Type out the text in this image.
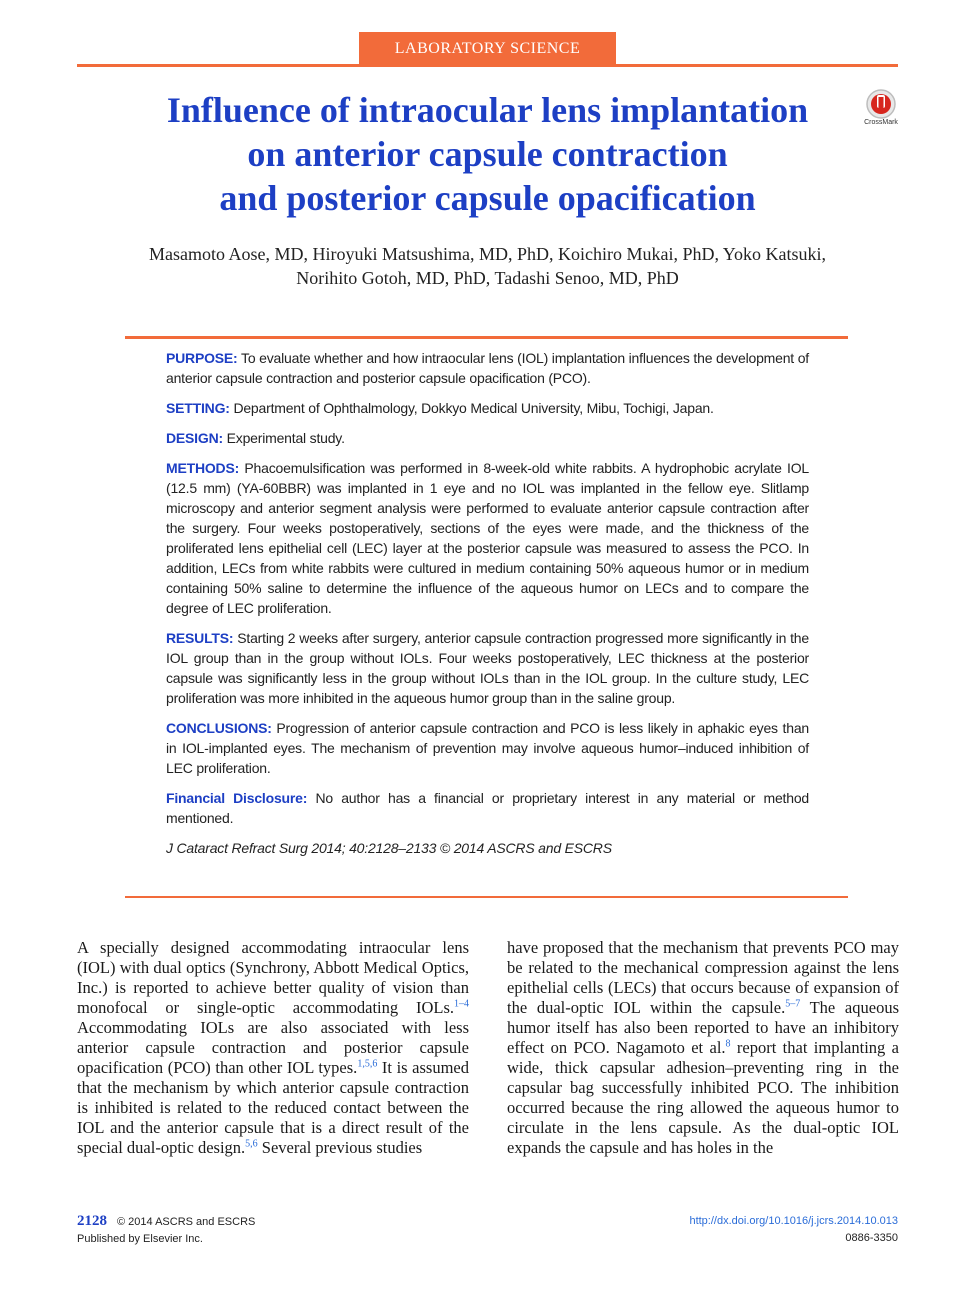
LABORATORY SCIENCE
Influence of intraocular lens implantation
on anterior capsule contraction
and posterior capsule opacification
CrossMark
Masamoto Aose, MD, Hiroyuki Matsushima, MD, PhD, Koichiro Mukai, PhD, Yoko Katsuki,
Norihito Gotoh, MD, PhD, Tadashi Senoo, MD, PhD

PURPOSE: To evaluate whether and how intraocular lens (IOL) implantation influences the development of anterior capsule contraction and posterior capsule opacification (PCO).

SETTING: Department of Ophthalmology, Dokkyo Medical University, Mibu, Tochigi, Japan.

DESIGN: Experimental study.

METHODS: Phacoemulsification was performed in 8-week-old white rabbits. A hydrophobic acrylate IOL (12.5 mm) (YA-60BBR) was implanted in 1 eye and no IOL was implanted in the fellow eye. Slitlamp microscopy and anterior segment analysis were performed to evaluate anterior capsule contraction after the surgery. Four weeks postoperatively, sections of the eyes were made, and the thickness of the proliferated lens epithelial cell (LEC) layer at the posterior capsule was measured to assess the PCO. In addition, LECs from white rabbits were cultured in medium containing 50% aqueous humor or in medium containing 50% saline to determine the influence of the aqueous humor on LECs and to compare the degree of LEC proliferation.

RESULTS: Starting 2 weeks after surgery, anterior capsule contraction progressed more significantly in the IOL group than in the group without IOLs. Four weeks postoperatively, LEC thickness at the posterior capsule was significantly less in the group without IOLs than in the IOL group. In the culture study, LEC proliferation was more inhibited in the aqueous humor group than in the saline group.

CONCLUSIONS: Progression of anterior capsule contraction and PCO is less likely in aphakic eyes than in IOL-implanted eyes. The mechanism of prevention may involve aqueous humor–induced inhibition of LEC proliferation.

Financial Disclosure: No author has a financial or proprietary interest in any material or method mentioned.

J Cataract Refract Surg 2014; 40:2128–2133 © 2014 ASCRS and ESCRS

A specially designed accommodating intraocular lens (IOL) with dual optics (Synchrony, Abbott Medical Optics, Inc.) is reported to achieve better quality of vision than monofocal or single-optic accommodating IOLs.$^{1-4}$ Accommodating IOLs are also associated with less anterior capsule contraction and posterior capsule opacification (PCO) than other IOL types.$^{1,5,6}$ It is assumed that the mechanism by which anterior capsule contraction is inhibited is related to the reduced contact between the IOL and the anterior capsule that is a direct result of the special dual-optic design.$^{5,6}$ Several previous studies

have proposed that the mechanism that prevents PCO may be related to the mechanical compression against the lens epithelial cells (LECs) that occurs because of expansion of the dual-optic IOL within the capsule.$^{5-7}$ The aqueous humor itself has also been reported to have an inhibitory effect on PCO. Nagamoto et al.$^8$ report that implanting a wide, thick capsular adhesion–preventing ring in the capsular bag successfully inhibited PCO. The inhibition occurred because the ring allowed the aqueous humor to circulate in the lens capsule. As the dual-optic IOL expands the capsule and has holes in the

2128 © 2014 ASCRS and ESCRS
Published by Elsevier Inc.
http://dx.doi.org/10.1016/j.jcrs.2014.10.013
0886-3350
